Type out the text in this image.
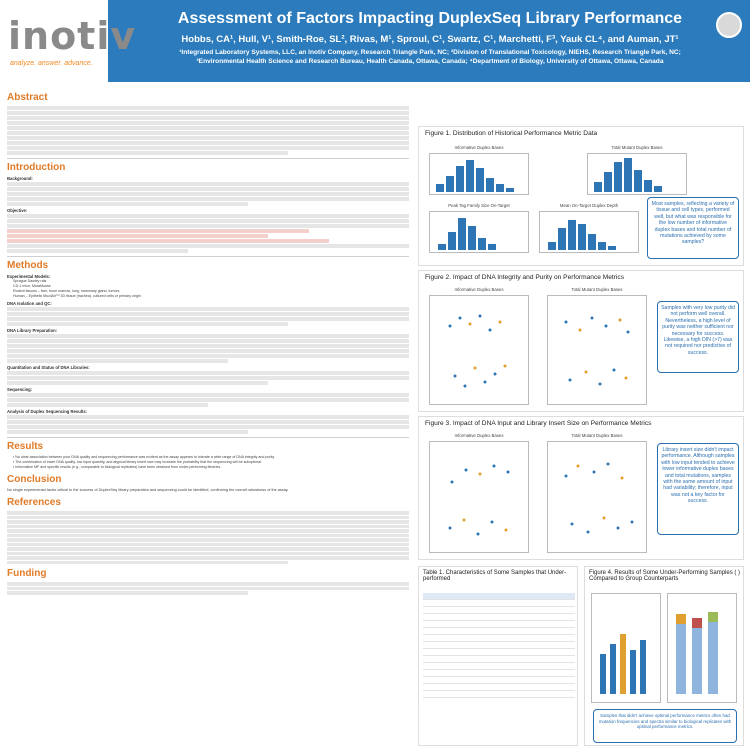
inotiv
analyze. answer. advance.
Assessment of Factors Impacting DuplexSeq Library Performance
Hobbs, CA¹, Hull, V¹, Smith-Roe, SL², Rivas, M¹, Sproul, C¹, Swartz, C¹, Marchetti, F³, Yauk CL⁴, and Auman, JT¹
¹Integrated Laboratory Systems, LLC, an Inotiv Company, Research Triangle Park, NC; ²Division of Translational Toxicology, NIEHS, Research Triangle Park, NC;
³Environmental Health Science and Research Bureau, Health Canada, Ottawa, Canada; ⁴Department of Biology, University of Ottawa, Ottawa, Canada
Abstract
Introduction
Background:
Objective:
Methods
Experimental Models:
Sprague Dawley rats
CD-1 mice, MutaMouse
Rodent tissues – liver, bone marrow, lung, mammary gland, tumors
Human – Epithelix MucilAir™ 3D tissue (trachea), cultured cells or primary origin
DNA Isolation and QC:
DNA Library Preparation:
Quantitation and Status of DNA Libraries:
Sequencing:
Analysis of Duplex Sequencing Results:
Results
▪ No clear association between poor DNA quality and sequencing performance was evident as the assay appears to tolerate a wide range of DNA integrity and purity.
▪ The combination of lower DNA quality, low input quantity, and atypical library insert size may increase the probability that the sequencing will be suboptimal.
▪ Informative MF and specific results (e.g., comparable to biological replicates) have been obtained from under-performing libraries.
Conclusion
No single experimental factor critical to the success of DuplexSeq library preparation and sequencing could be identified, confirming the overall robustness of the assay.
References
Funding
Figure 1. Distribution of Historical Performance Metric Data
Informative Duplex Bases	Total Mutant Duplex Bases
Peak Tag Family Size On-Target	Mean On-Target Duplex Depth	Most samples, reflecting a variety of tissue and cell types, performed well, but what was responsible for the low number of informative duplex bases and total number of mutations achieved by some samples?
Figure 2. Impact of DNA Integrity and Purity on Performance Metrics
Informative Duplex Bases	Total Mutant Duplex Bases
Samples with very low purity did not perform well overall. Nevertheless, a high level of purity was neither sufficient nor necessary for success. Likewise, a high DIN (>7) was not required nor predictive of success.
Figure 3. Impact of DNA Input and Library Insert Size on Performance Metrics
Informative Duplex Bases	Total Mutant Duplex Bases
Library insert size didn't impact performance. Although samples with low input tended to achieve lower informative duplex bases and total mutations, samples with the same amount of input had variability; therefore, input was not a key factor for success.
Table 1. Characteristics of Some Samples that Under-performed

Figure 4. Results of Some Under-Performing Samples ( ) Compared to Group Counterparts
Samples that didn't achieve optimal performance metrics often had mutation frequencies and spectra similar to biological replicates with optimal performance metrics.
